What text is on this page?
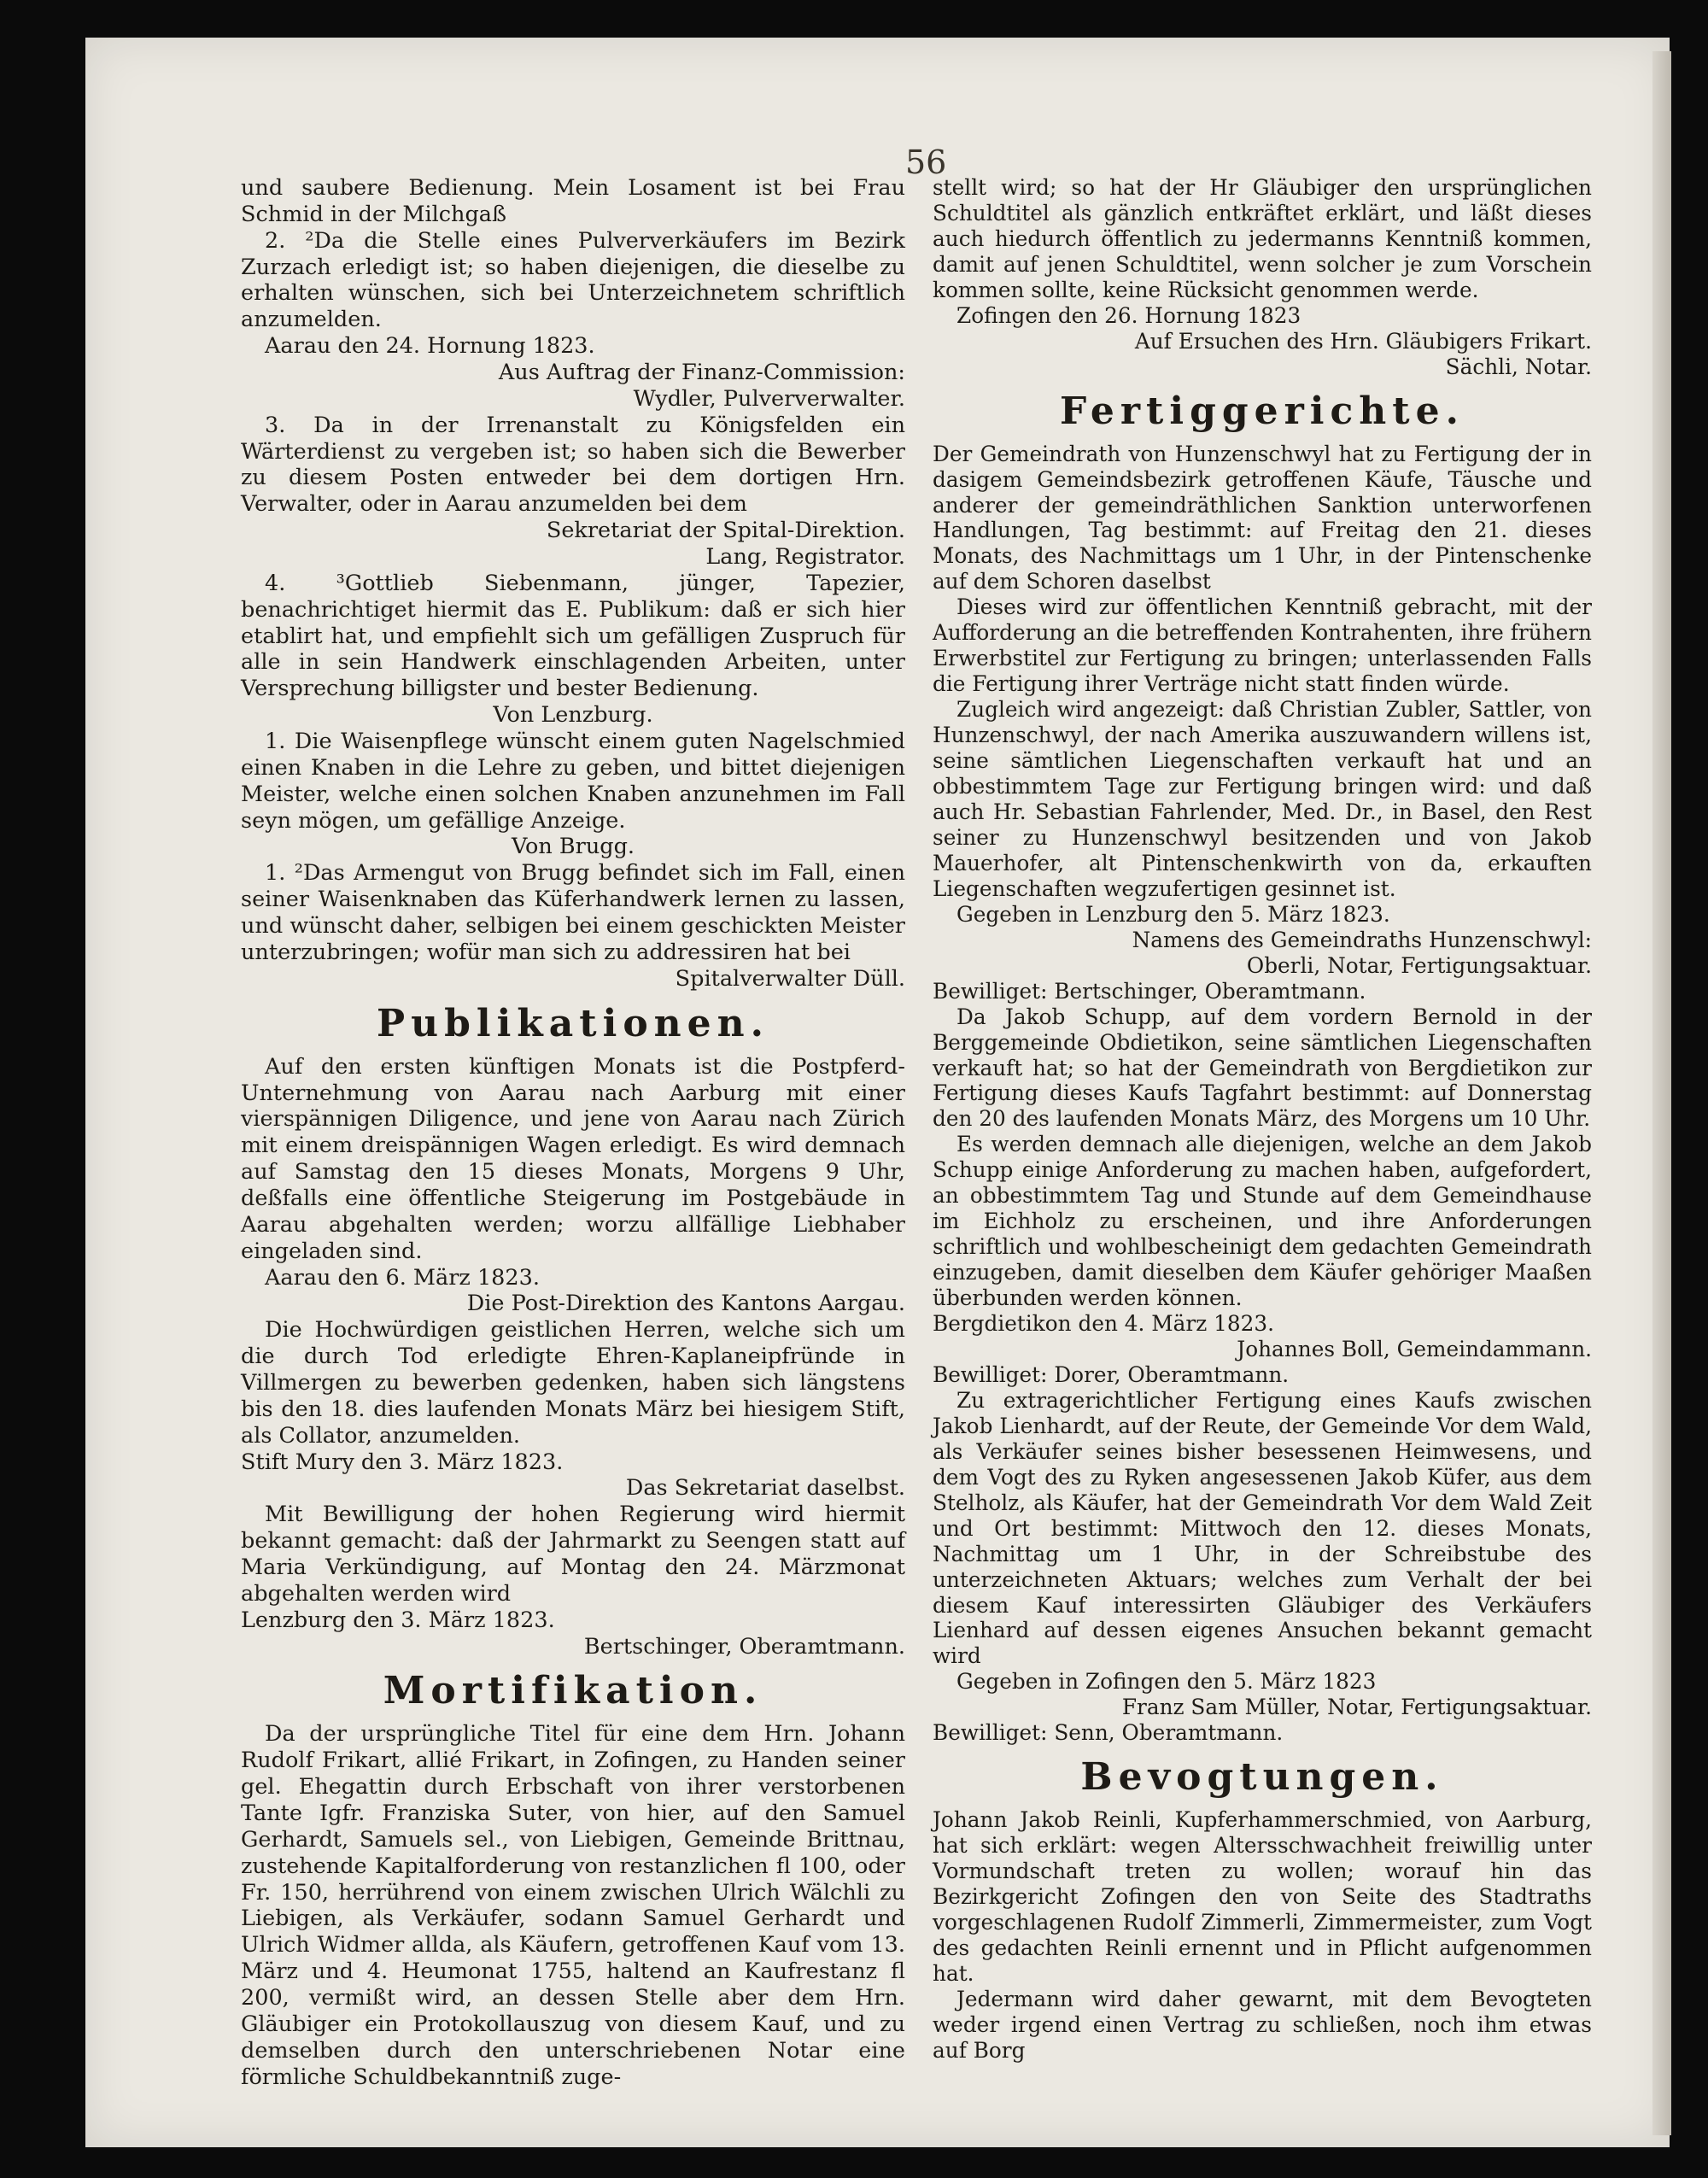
56

und saubere Bedienung. Mein Losament ist bei Frau Schmid in der Milchgaß

2. ²Da die Stelle eines Pulververkäufers im Bezirk Zurzach erledigt ist; so haben diejenigen, die dieselbe zu erhalten wünschen, sich bei Unterzeichnetem schriftlich anzumelden.

Aarau den 24. Hornung 1823.

Aus Auftrag der Finanz-Commission:

Wydler, Pulververwalter.

3. Da in der Irrenanstalt zu Königsfelden ein Wärterdienst zu vergeben ist; so haben sich die Bewerber zu diesem Posten entweder bei dem dortigen Hrn. Verwalter, oder in Aarau anzumelden bei dem

Sekretariat der Spital-Direktion.

Lang, Registrator.

4. ³Gottlieb Siebenmann, jünger, Tapezier, benachrichtiget hiermit das E. Publikum: daß er sich hier etablirt hat, und empfiehlt sich um gefälligen Zuspruch für alle in sein Handwerk einschlagenden Arbeiten, unter Versprechung billigster und bester Bedienung.

Von Lenzburg.

1. Die Waisenpflege wünscht einem guten Nagelschmied einen Knaben in die Lehre zu geben, und bittet diejenigen Meister, welche einen solchen Knaben anzunehmen im Fall seyn mögen, um gefällige Anzeige.

Von Brugg.

1. ²Das Armengut von Brugg befindet sich im Fall, einen seiner Waisenknaben das Küferhandwerk lernen zu lassen, und wünscht daher, selbigen bei einem geschickten Meister unterzubringen; wofür man sich zu addressiren hat bei

Spitalverwalter Düll.

Publikationen.

Auf den ersten künftigen Monats ist die Postpferd-Unternehmung von Aarau nach Aarburg mit einer vierspännigen Diligence, und jene von Aarau nach Zürich mit einem dreispännigen Wagen erledigt. Es wird demnach auf Samstag den 15 dieses Monats, Morgens 9 Uhr, deßfalls eine öffentliche Steigerung im Postgebäude in Aarau abgehalten werden; worzu allfällige Liebhaber eingeladen sind.

Aarau den 6. März 1823.

Die Post-Direktion des Kantons Aargau.

Die Hochwürdigen geistlichen Herren, welche sich um die durch Tod erledigte Ehren-Kaplaneipfründe in Villmergen zu bewerben gedenken, haben sich längstens bis den 18. dies laufenden Monats März bei hiesigem Stift, als Collator, anzumelden.

Stift Mury den 3. März 1823.

Das Sekretariat daselbst.

Mit Bewilligung der hohen Regierung wird hiermit bekannt gemacht: daß der Jahrmarkt zu Seengen statt auf Maria Verkündigung, auf Montag den 24. Märzmonat abgehalten werden wird

Lenzburg den 3. März 1823.

Bertschinger, Oberamtmann.

Mortifikation.

Da der ursprüngliche Titel für eine dem Hrn. Johann Rudolf Frikart, allié Frikart, in Zofingen, zu Handen seiner gel. Ehegattin durch Erbschaft von ihrer verstorbenen Tante Igfr. Franziska Suter, von hier, auf den Samuel Gerhardt, Samuels sel., von Liebigen, Gemeinde Brittnau, zustehende Kapitalforderung von restanzlichen fl 100, oder Fr. 150, herrührend von einem zwischen Ulrich Wälchli zu Liebigen, als Verkäufer, sodann Samuel Gerhardt und Ulrich Widmer allda, als Käufern, getroffenen Kauf vom 13. März und 4. Heumonat 1755, haltend an Kaufrestanz fl 200, vermißt wird, an dessen Stelle aber dem Hrn. Gläubiger ein Protokollauszug von diesem Kauf, und zu demselben durch den unterschriebenen Notar eine förmliche Schuldbekanntniß zuge-

stellt wird; so hat der Hr Gläubiger den ursprünglichen Schuldtitel als gänzlich entkräftet erklärt, und läßt dieses auch hiedurch öffentlich zu jedermanns Kenntniß kommen, damit auf jenen Schuldtitel, wenn solcher je zum Vorschein kommen sollte, keine Rücksicht genommen werde.

Zofingen den 26. Hornung 1823

Auf Ersuchen des Hrn. Gläubigers Frikart.

Sächli, Notar.

Fertiggerichte.

Der Gemeindrath von Hunzenschwyl hat zu Fertigung der in dasigem Gemeindsbezirk getroffenen Käufe, Täusche und anderer der gemeindräthlichen Sanktion unterworfenen Handlungen, Tag bestimmt: auf Freitag den 21. dieses Monats, des Nachmittags um 1 Uhr, in der Pintenschenke auf dem Schoren daselbst

Dieses wird zur öffentlichen Kenntniß gebracht, mit der Aufforderung an die betreffenden Kontrahenten, ihre frühern Erwerbstitel zur Fertigung zu bringen; unterlassenden Falls die Fertigung ihrer Verträge nicht statt finden würde.

Zugleich wird angezeigt: daß Christian Zubler, Sattler, von Hunzenschwyl, der nach Amerika auszuwandern willens ist, seine sämtlichen Liegenschaften verkauft hat und an obbestimmtem Tage zur Fertigung bringen wird: und daß auch Hr. Sebastian Fahrlender, Med. Dr., in Basel, den Rest seiner zu Hunzenschwyl besitzenden und von Jakob Mauerhofer, alt Pintenschenkwirth von da, erkauften Liegenschaften wegzufertigen gesinnet ist.

Gegeben in Lenzburg den 5. März 1823.

Namens des Gemeindraths Hunzenschwyl:

Oberli, Notar, Fertigungsaktuar.

Bewilliget: Bertschinger, Oberamtmann.

Da Jakob Schupp, auf dem vordern Bernold in der Berggemeinde Obdietikon, seine sämtlichen Liegenschaften verkauft hat; so hat der Gemeindrath von Bergdietikon zur Fertigung dieses Kaufs Tagfahrt bestimmt: auf Donnerstag den 20 des laufenden Monats März, des Morgens um 10 Uhr.

Es werden demnach alle diejenigen, welche an dem Jakob Schupp einige Anforderung zu machen haben, aufgefordert, an obbestimmtem Tag und Stunde auf dem Gemeindhause im Eichholz zu erscheinen, und ihre Anforderungen schriftlich und wohlbescheinigt dem gedachten Gemeindrath einzugeben, damit dieselben dem Käufer gehöriger Maaßen überbunden werden können.

Bergdietikon den 4. März 1823.

Johannes Boll, Gemeindammann.

Bewilliget: Dorer, Oberamtmann.

Zu extragerichtlicher Fertigung eines Kaufs zwischen Jakob Lienhardt, auf der Reute, der Gemeinde Vor dem Wald, als Verkäufer seines bisher besessenen Heimwesens, und dem Vogt des zu Ryken angesessenen Jakob Küfer, aus dem Stelholz, als Käufer, hat der Gemeindrath Vor dem Wald Zeit und Ort bestimmt: Mittwoch den 12. dieses Monats, Nachmittag um 1 Uhr, in der Schreibstube des unterzeichneten Aktuars; welches zum Verhalt der bei diesem Kauf interessirten Gläubiger des Verkäufers Lienhard auf dessen eigenes Ansuchen bekannt gemacht wird

Gegeben in Zofingen den 5. März 1823

Franz Sam Müller, Notar, Fertigungsaktuar.

Bewilliget: Senn, Oberamtmann.

Bevogtungen.

Johann Jakob Reinli, Kupferhammerschmied, von Aarburg, hat sich erklärt: wegen Altersschwachheit freiwillig unter Vormundschaft treten zu wollen; worauf hin das Bezirkgericht Zofingen den von Seite des Stadtraths vorgeschlagenen Rudolf Zimmerli, Zimmermeister, zum Vogt des gedachten Reinli ernennt und in Pflicht aufgenommen hat.

Jedermann wird daher gewarnt, mit dem Bevogteten weder irgend einen Vertrag zu schließen, noch ihm etwas auf Borg
